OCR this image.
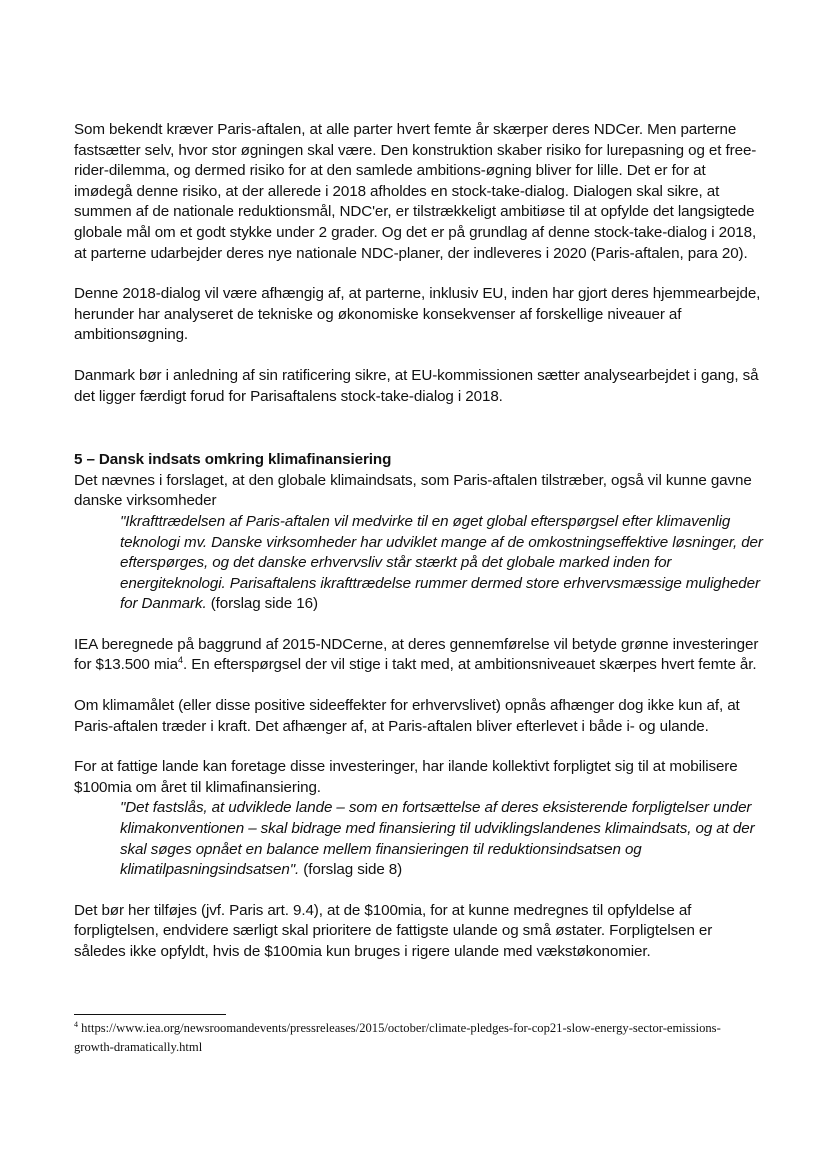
Som bekendt kræver Paris-aftalen, at alle parter hvert femte år skærper deres NDCer. Men parterne fastsætter selv, hvor stor øgningen skal være. Den konstruktion skaber risiko for lurepasning og et free-rider-dilemma, og dermed risiko for at den samlede ambitions-øgning bliver for lille. Det er for at imødegå denne risiko, at der allerede i 2018 afholdes en stock-take-dialog. Dialogen skal sikre, at summen af de nationale reduktionsmål, NDC'er, er tilstrækkeligt ambitiøse til at opfylde det langsigtede globale mål om et godt stykke under 2 grader. Og det er på grundlag af denne stock-take-dialog i 2018, at parterne udarbejder deres nye nationale NDC-planer, der indleveres i 2020 (Paris-aftalen, para 20).

Denne 2018-dialog vil være afhængig af, at parterne, inklusiv EU, inden har gjort deres hjemmearbejde, herunder har analyseret de tekniske og økonomiske konsekvenser af forskellige niveauer af ambitionsøgning.

Danmark bør i anledning af sin ratificering sikre, at EU-kommissionen sætter analysearbejdet i gang, så det ligger færdigt forud for Parisaftalens stock-take-dialog i 2018.

5 – Dansk indsats omkring klimafinansiering

Det nævnes i forslaget, at den globale klimaindsats, som Paris-aftalen tilstræber, også vil kunne gavne danske virksomheder

"Ikrafttrædelsen af Paris-aftalen vil medvirke til en øget global efterspørgsel efter klimavenlig teknologi mv. Danske virksomheder har udviklet mange af de omkostningseffektive løsninger, der efterspørges, og det danske erhvervsliv står stærkt på det globale marked inden for energiteknologi. Parisaftalens ikrafttrædelse rummer dermed store erhvervsmæssige muligheder for Danmark. (forslag side 16)

IEA beregnede på baggrund af 2015-NDCerne, at deres gennemførelse vil betyde grønne investeringer for $13.500 mia$^4$. En efterspørgsel der vil stige i takt med, at ambitionsniveauet skærpes hvert femte år.

Om klimamålet (eller disse positive sideeffekter for erhvervslivet) opnås afhænger dog ikke kun af, at Paris-aftalen træder i kraft. Det afhænger af, at Paris-aftalen bliver efterlevet i både i- og ulande.

For at fattige lande kan foretage disse investeringer, har ilande kollektivt forpligtet sig til at mobilisere $100mia om året til klimafinansiering.

"Det fastslås, at udviklede lande – som en fortsættelse af deres eksisterende forpligtelser under klimakonventionen – skal bidrage med finansiering til udviklingslandenes klimaindsats, og at der skal søges opnået en balance mellem finansieringen til reduktionsindsatsen og klimatilpasningsindsatsen". (forslag side 8)

Det bør her tilføjes (jvf. Paris art. 9.4), at de $100mia, for at kunne medregnes til opfyldelse af forpligtelsen, endvidere særligt skal prioritere de fattigste ulande og små østater. Forpligtelsen er således ikke opfyldt, hvis de $100mia kun bruges i rigere ulande med vækstøkonomier.

$^4$ https://www.iea.org/newsroomandevents/pressreleases/2015/october/climate-pledges-for-cop21-slow-energy-sector-emissions-growth-dramatically.html
